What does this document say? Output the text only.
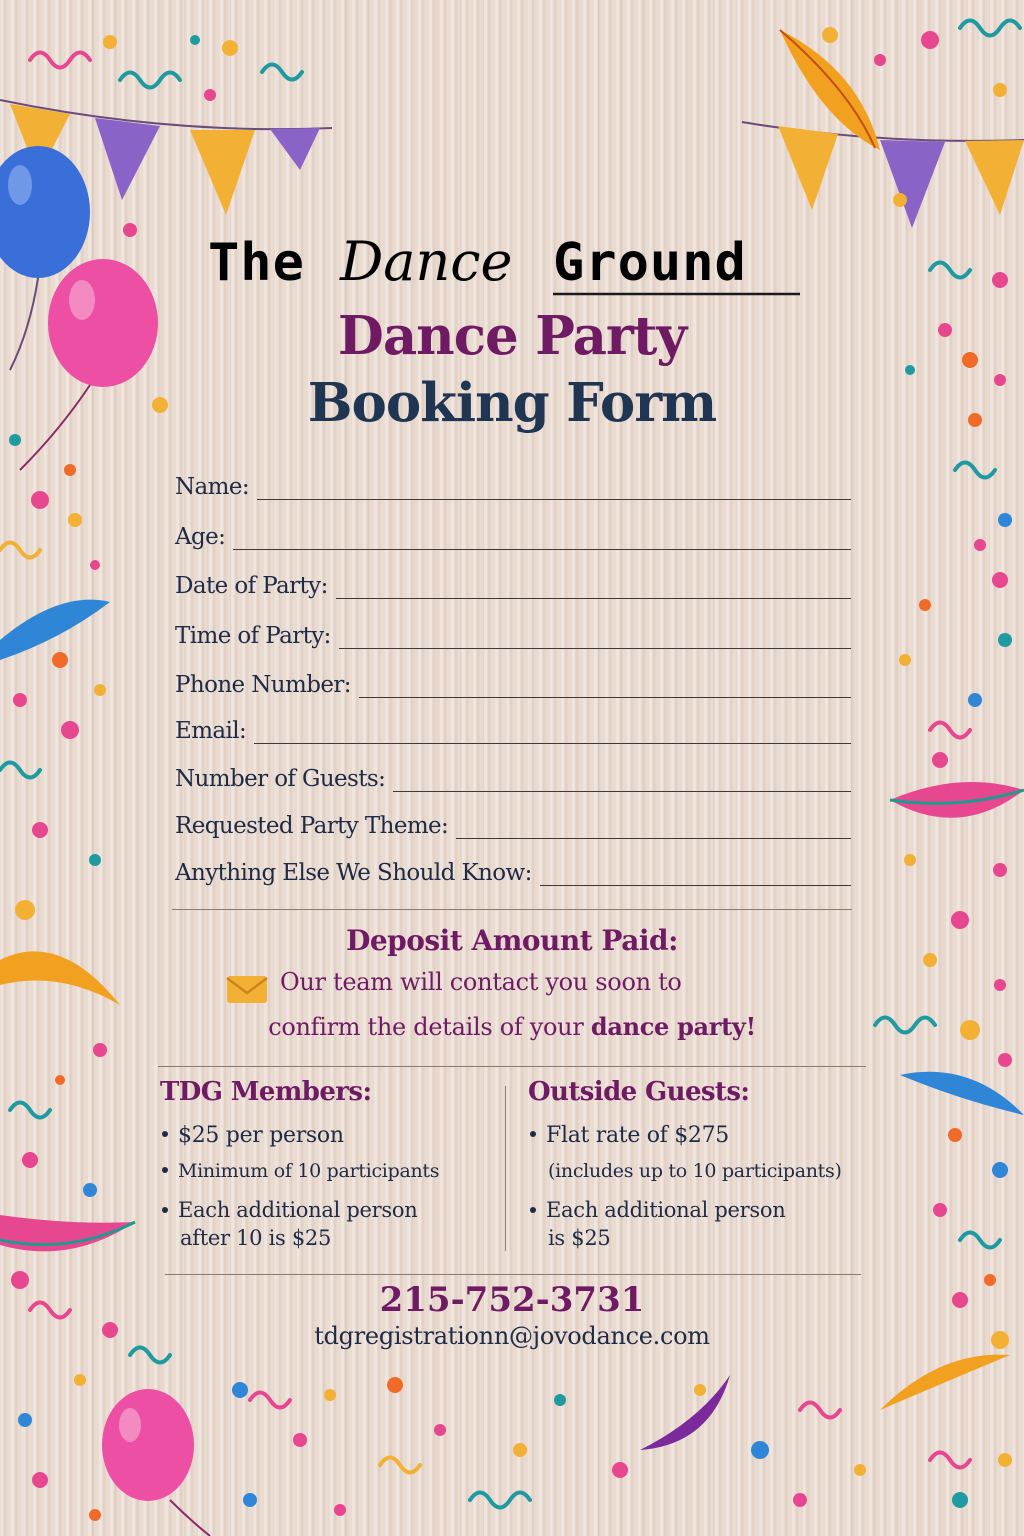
The Dance Ground
Dance Party
Booking Form
Name:
Age:
Date of Party:
Time of Party:
Phone Number:
Email:
Number of Guests:
Requested Party Theme:
Anything Else We Should Know:
Deposit Amount Paid:
Our team will contact you soon to
confirm the details of your dance party!
TDG Members:
$25 per person
Minimum of 10 participants
Each additional person
after 10 is $25
Outside Guests:
Flat rate of $275
(includes up to 10 participants)
Each additional person
is $25
215-752-3731
tdgregistrationn@jovodance.com
